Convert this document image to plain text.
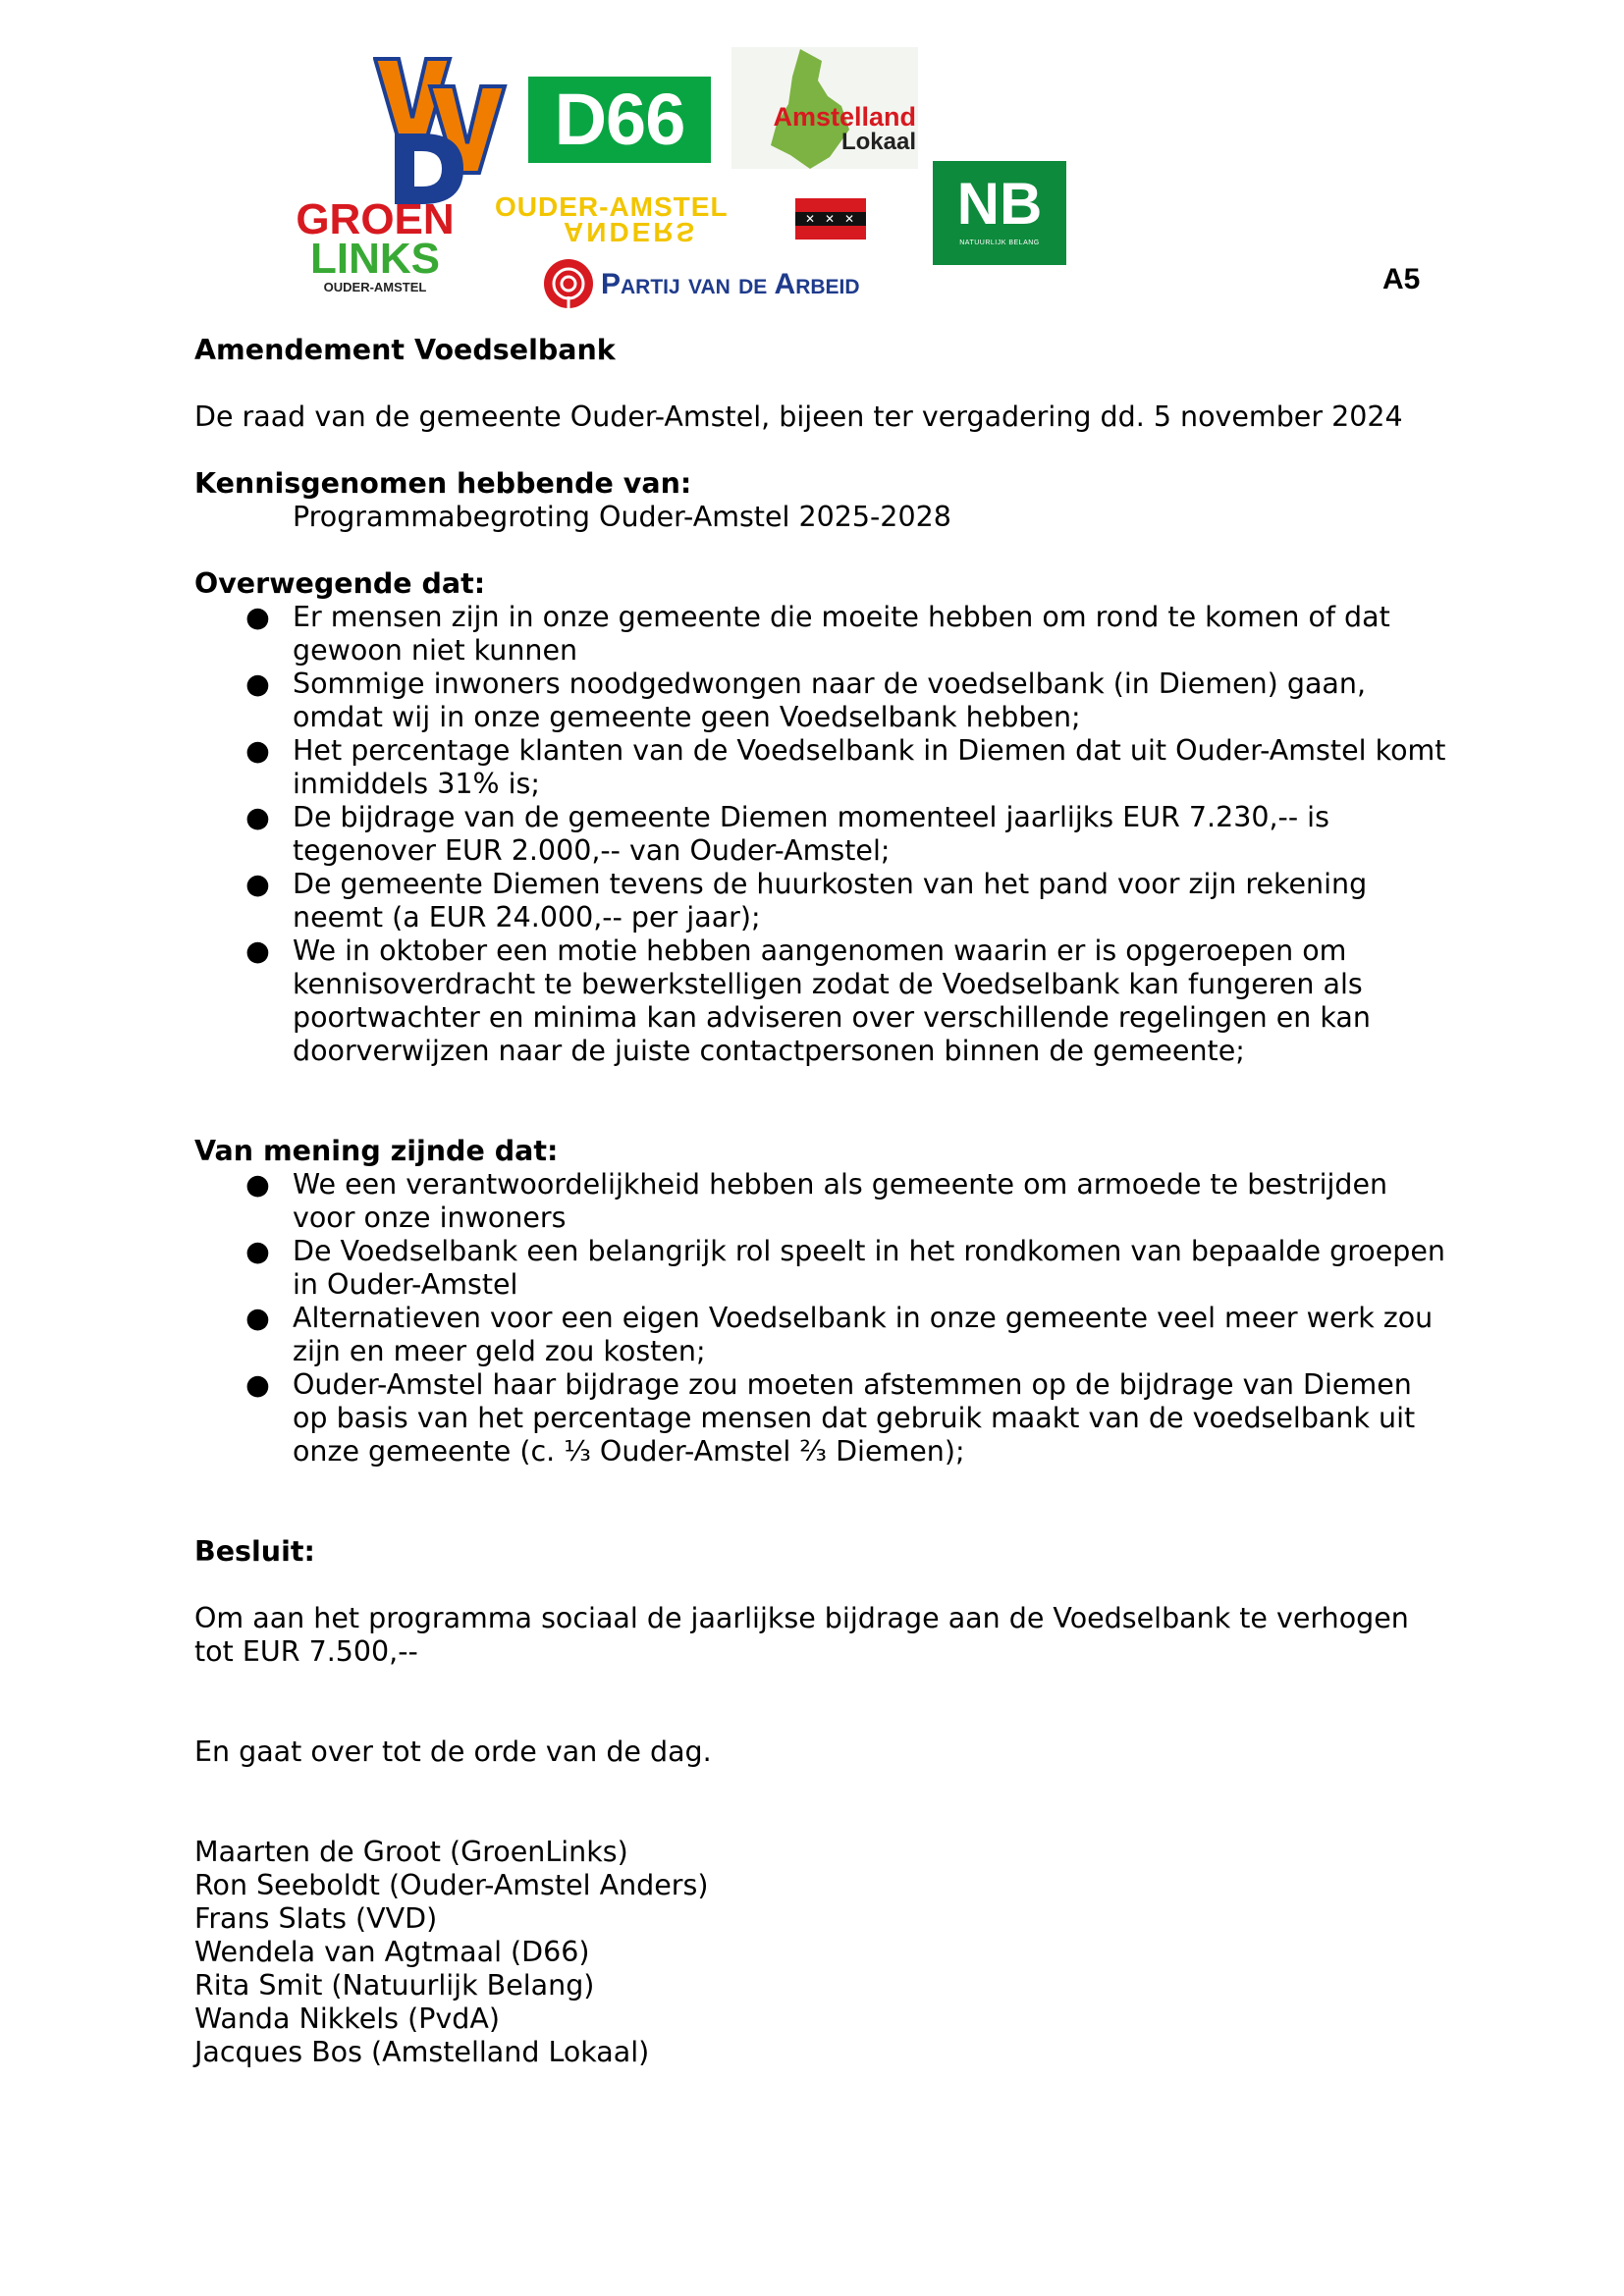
D66	Amstelland
Lokaal
GROEN
LINKS
OUDER-AMSTEL
OUDER-AMSTEL
ANDERS	✕ ✕ ✕	NB
NATUURLIJK BELANG
Partij van de Arbeid	A5

Amendement Voedselbank

De raad van de gemeente Ouder-Amstel, bijeen ter vergadering dd. 5 november 2024

Kennisgenomen hebbende van:

Programmabegroting Ouder-Amstel 2025-2028

Overwegende dat:

● Er mensen zijn in onze gemeente die moeite hebben om rond te komen of dat
gewoon niet kunnen
● Sommige inwoners noodgedwongen naar de voedselbank (in Diemen) gaan,
omdat wij in onze gemeente geen Voedselbank hebben;
● Het percentage klanten van de Voedselbank in Diemen dat uit Ouder-Amstel komt
inmiddels 31% is;
● De bijdrage van de gemeente Diemen momenteel jaarlijks EUR 7.230,-- is
tegenover EUR 2.000,-- van Ouder-Amstel;
● De gemeente Diemen tevens de huurkosten van het pand voor zijn rekening
neemt (a EUR 24.000,-- per jaar);
● We in oktober een motie hebben aangenomen waarin er is opgeroepen om
kennisoverdracht te bewerkstelligen zodat de Voedselbank kan fungeren als
poortwachter en minima kan adviseren over verschillende regelingen en kan
doorverwijzen naar de juiste contactpersonen binnen de gemeente;

Van mening zijnde dat:

● We een verantwoordelijkheid hebben als gemeente om armoede te bestrijden
voor onze inwoners
● De Voedselbank een belangrijk rol speelt in het rondkomen van bepaalde groepen
in Ouder-Amstel
● Alternatieven voor een eigen Voedselbank in onze gemeente veel meer werk zou
zijn en meer geld zou kosten;
● Ouder-Amstel haar bijdrage zou moeten afstemmen op de bijdrage van Diemen
op basis van het percentage mensen dat gebruik maakt van de voedselbank uit
onze gemeente (c. ⅓ Ouder-Amstel ⅔ Diemen);

Besluit:

Om aan het programma sociaal de jaarlijkse bijdrage aan de Voedselbank te verhogen
tot EUR 7.500,--

En gaat over tot de orde van de dag.

Maarten de Groot (GroenLinks)

Ron Seeboldt (Ouder-Amstel Anders)

Frans Slats (VVD)

Wendela van Agtmaal (D66)

Rita Smit (Natuurlijk Belang)

Wanda Nikkels (PvdA)

Jacques Bos (Amstelland Lokaal)
